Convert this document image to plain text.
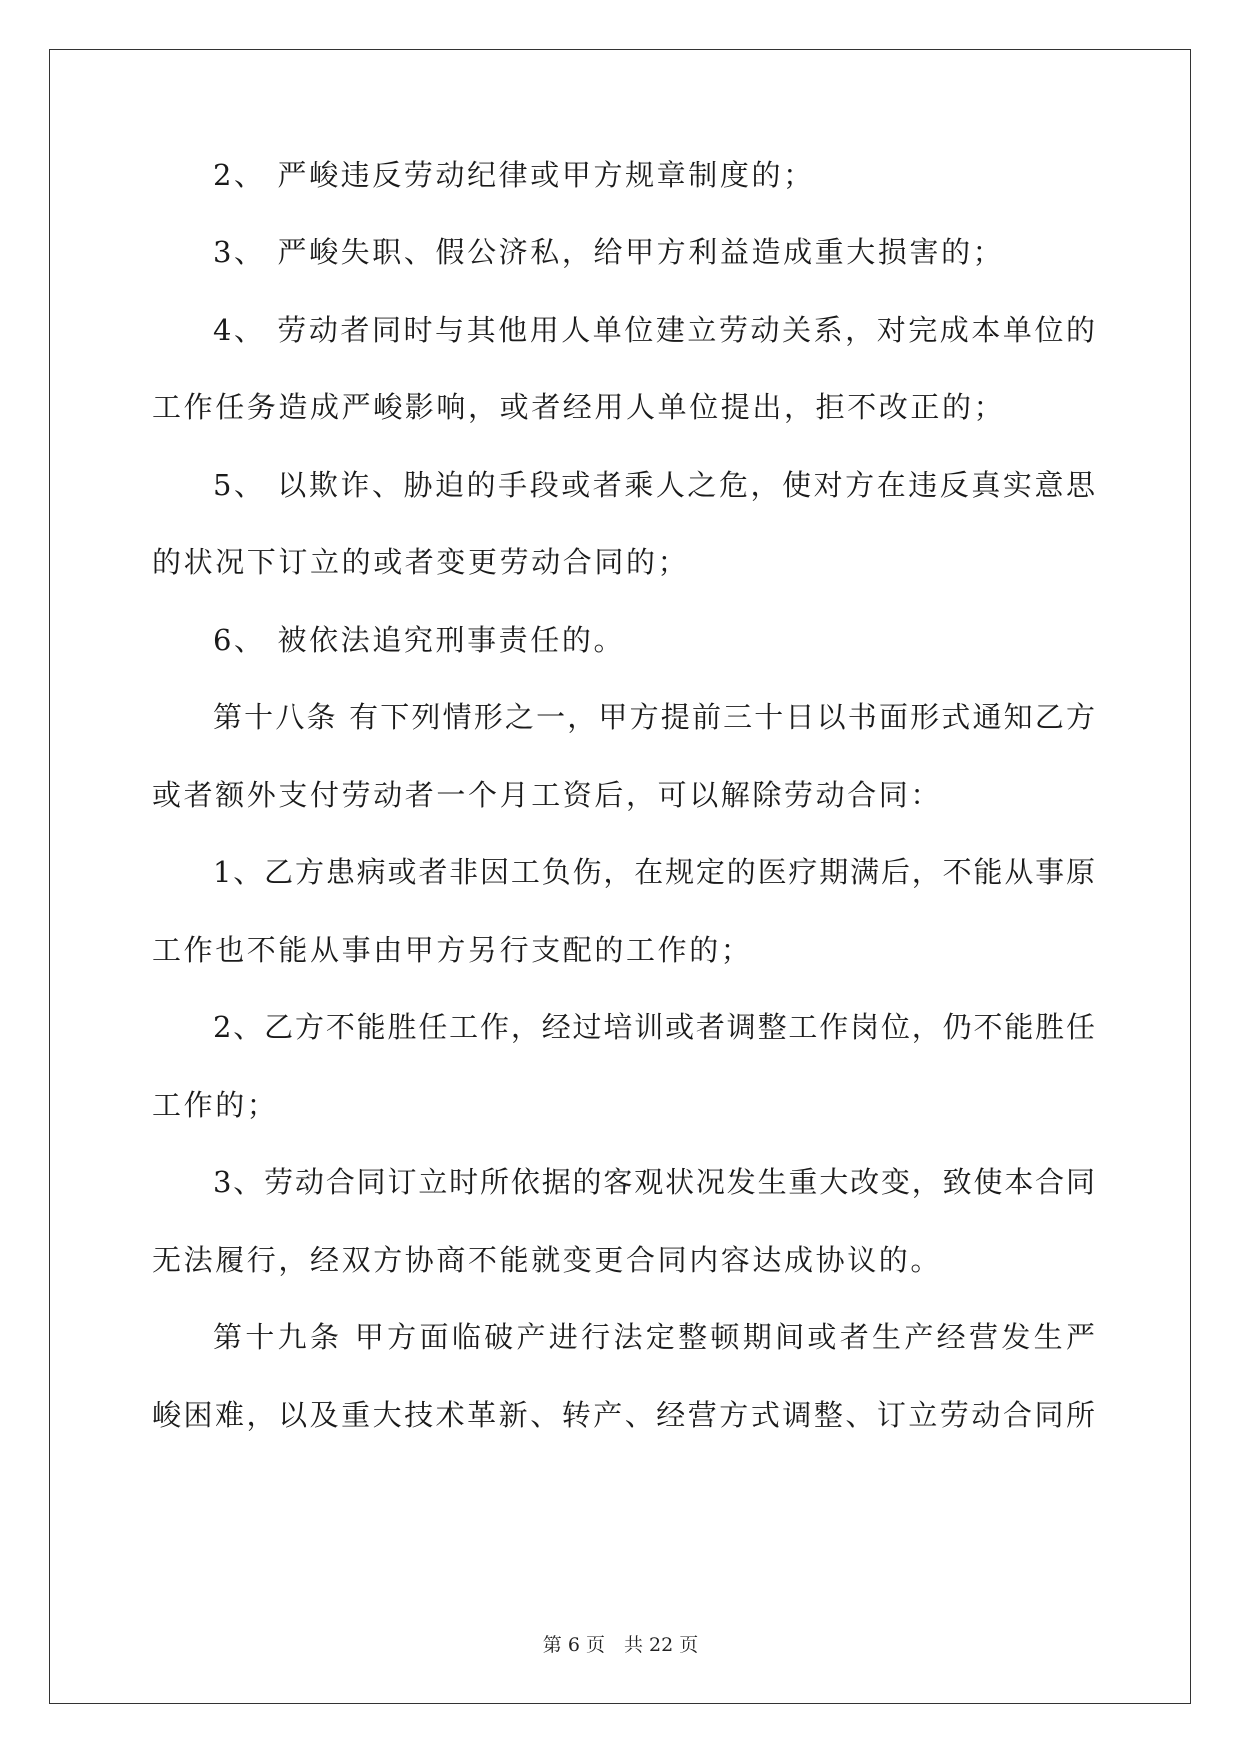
2、 严峻违反劳动纪律或甲方规章制度的；
3、 严峻失职、假公济私，给甲方利益造成重大损害的；
4、 劳动者同时与其他用人单位建立劳动关系，对完成本单位的
工作任务造成严峻影响，或者经用人单位提出，拒不改正的；
5、 以欺诈、胁迫的手段或者乘人之危，使对方在违反真实意思
的状况下订立的或者变更劳动合同的；
6、 被依法追究刑事责任的。
第十八条 有下列情形之一，甲方提前三十日以书面形式通知乙方
或者额外支付劳动者一个月工资后，可以解除劳动合同：
1、乙方患病或者非因工负伤，在规定的医疗期满后，不能从事原
工作也不能从事由甲方另行支配的工作的；
2、乙方不能胜任工作，经过培训或者调整工作岗位，仍不能胜任
工作的；
3、劳动合同订立时所依据的客观状况发生重大改变，致使本合同
无法履行，经双方协商不能就变更合同内容达成协议的。
第十九条 甲方面临破产进行法定整顿期间或者生产经营发生严
峻困难，以及重大技术革新、转产、经营方式调整、订立劳动合同所
第 6 页　共 22 页
